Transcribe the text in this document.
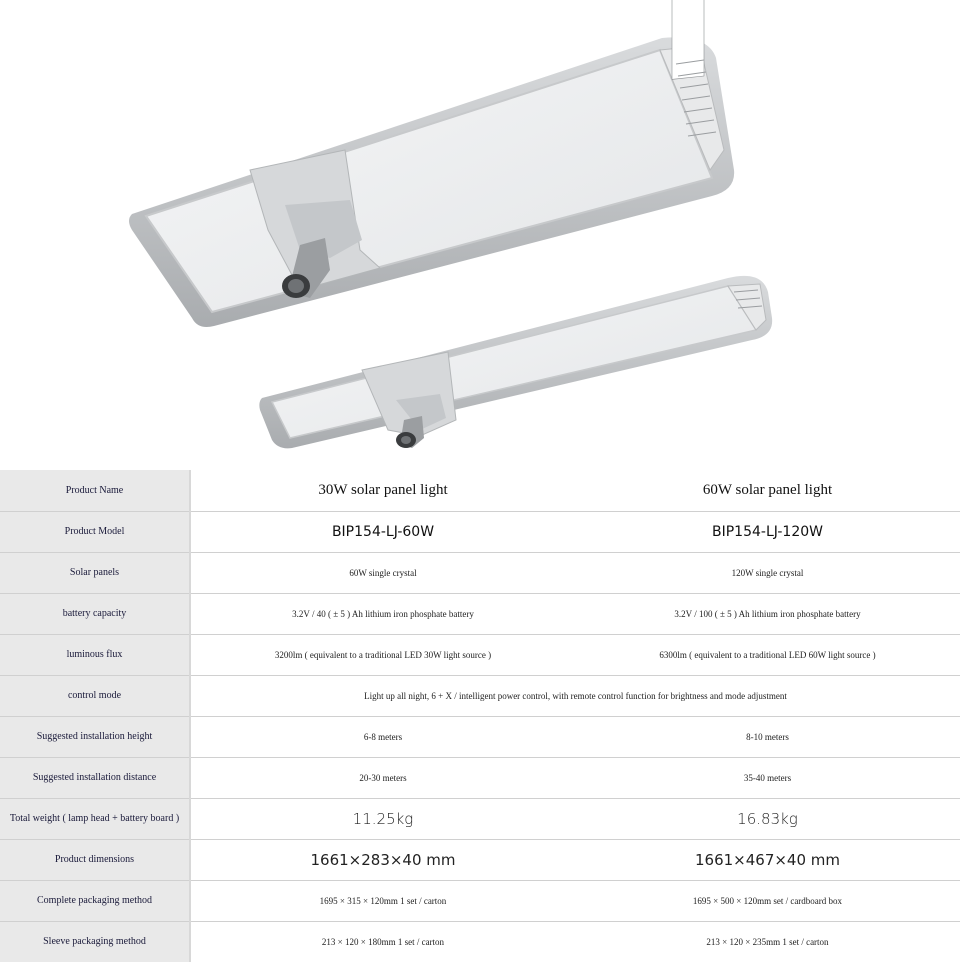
Product Name	30W solar panel light	60W solar panel light
Product Model	BIP154-LJ-60W	BIP154-LJ-120W
Solar panels	60W single crystal	120W single crystal
battery capacity	3.2V / 40 ( ± 5 ) Ah lithium iron phosphate battery	3.2V / 100 ( ± 5 ) Ah lithium iron phosphate battery
luminous flux	3200lm ( equivalent to a traditional LED 30W light source )	6300lm ( equivalent to a traditional LED 60W light source )
control mode	Light up all night, 6 + X / intelligent power control, with remote control function for brightness and mode adjustment	
Suggested installation height	6-8 meters	8-10 meters
Suggested installation distance	20-30 meters	35-40 meters
Total weight ( lamp head + battery board )	11.25kg	16.83kg
Product dimensions	1661×283×40 mm	1661×467×40 mm
Complete packaging method	1695 × 315 × 120mm 1 set / carton	1695 × 500 × 120mm set / cardboard box
Sleeve packaging method	213 × 120 × 180mm 1 set / carton	213 × 120 × 235mm 1 set / carton
